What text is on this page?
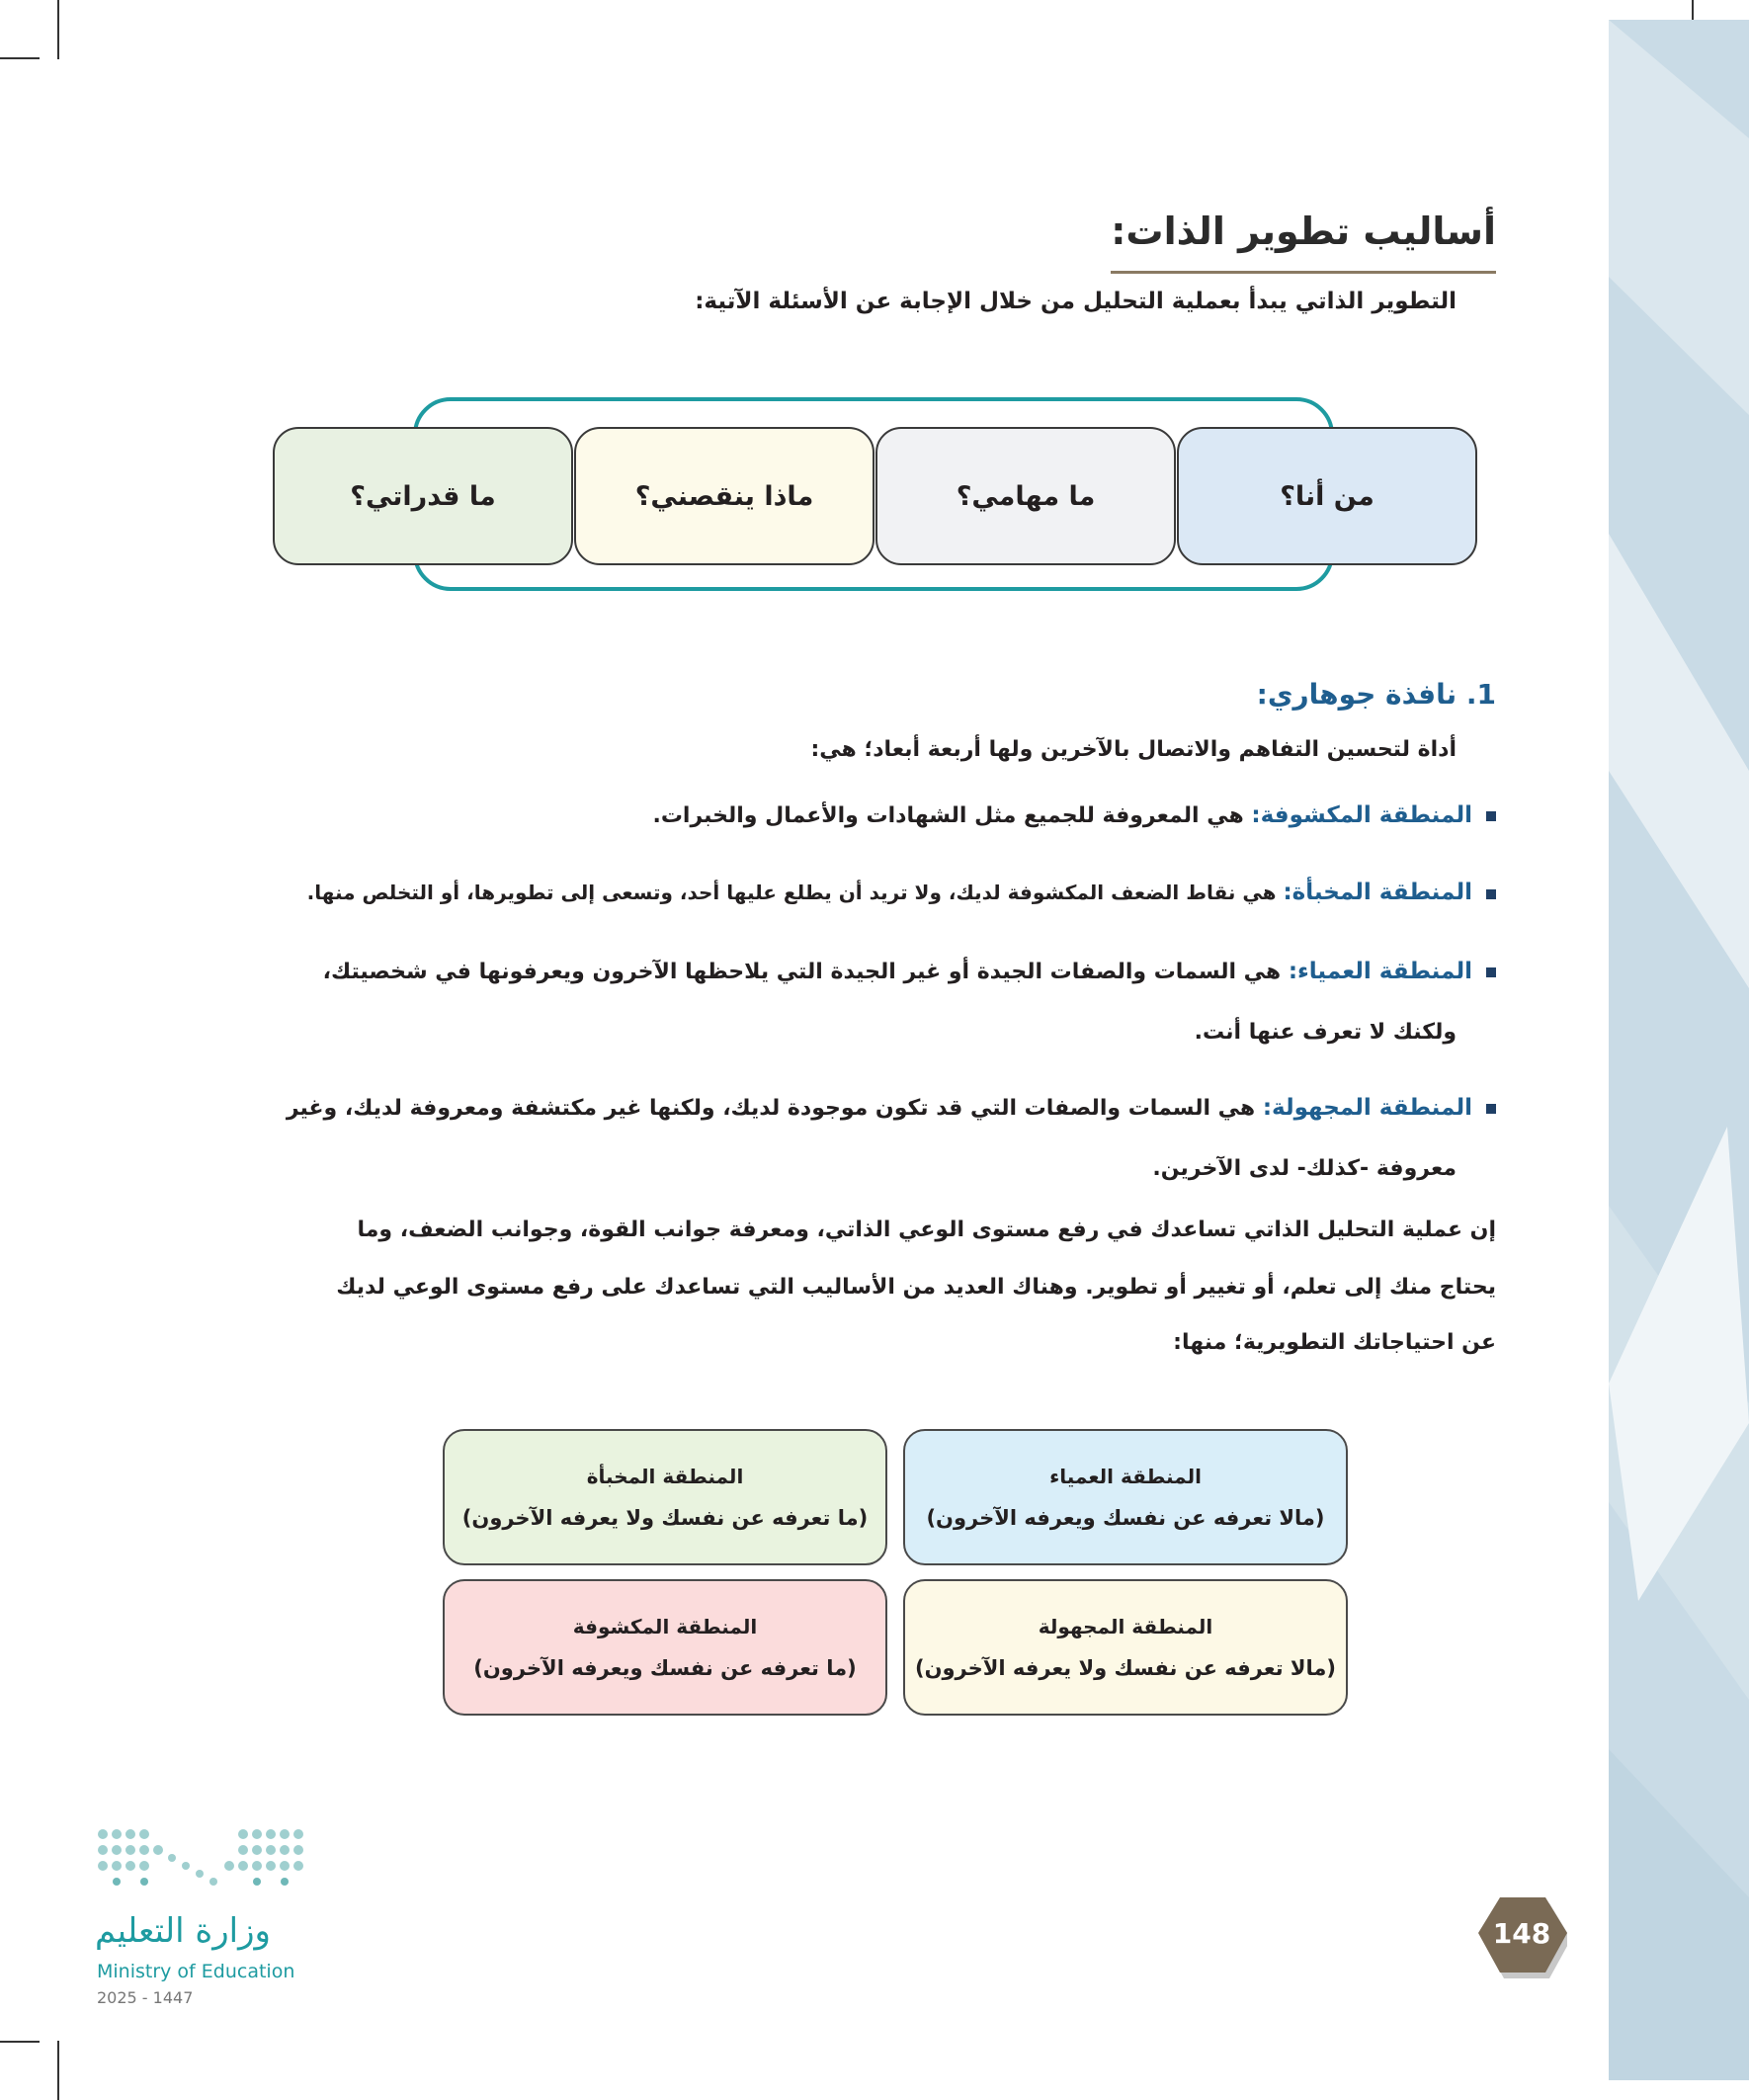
أساليب تطوير الذات:
التطوير الذاتي يبدأ بعملية التحليل من خلال الإجابة عن الأسئلة الآتية:
من أنا؟
ما مهامي؟
ماذا ينقصني؟
ما قدراتي؟
1. نافذة جوهاري:
أداة لتحسين التفاهم والاتصال بالآخرين ولها أربعة أبعاد؛ هي:
المنطقة المكشوفة: هي المعروفة للجميع مثل الشهادات والأعمال والخبرات.
المنطقة المخبأة: هي نقاط الضعف المكشوفة لديك، ولا تريد أن يطلع عليها أحد، وتسعى إلى تطويرها، أو التخلص منها.
المنطقة العمياء: هي السمات والصفات الجيدة أو غير الجيدة التي يلاحظها الآخرون ويعرفونها في شخصيتك،
ولكنك لا تعرف عنها أنت.
المنطقة المجهولة: هي السمات والصفات التي قد تكون موجودة لديك، ولكنها غير مكتشفة ومعروفة لديك، وغير
معروفة -كذلك- لدى الآخرين.
إن عملية التحليل الذاتي تساعدك في رفع مستوى الوعي الذاتي، ومعرفة جوانب القوة، وجوانب الضعف، وما
يحتاج منك إلى تعلم، أو تغيير أو تطوير. وهناك العديد من الأساليب التي تساعدك على رفع مستوى الوعي لديك
عن احتياجاتك التطويرية؛ منها:
المنطقة العمياء
(مالا تعرفه عن نفسك ويعرفه الآخرون)
المنطقة المخبأة
(ما تعرفه عن نفسك ولا يعرفه الآخرون)
المنطقة المجهولة
(مالا تعرفه عن نفسك ولا يعرفه الآخرون)
المنطقة المكشوفة
(ما تعرفه عن نفسك ويعرفه الآخرون)
148
وزارة التعليم
Ministry of Education
2025 - 1447
